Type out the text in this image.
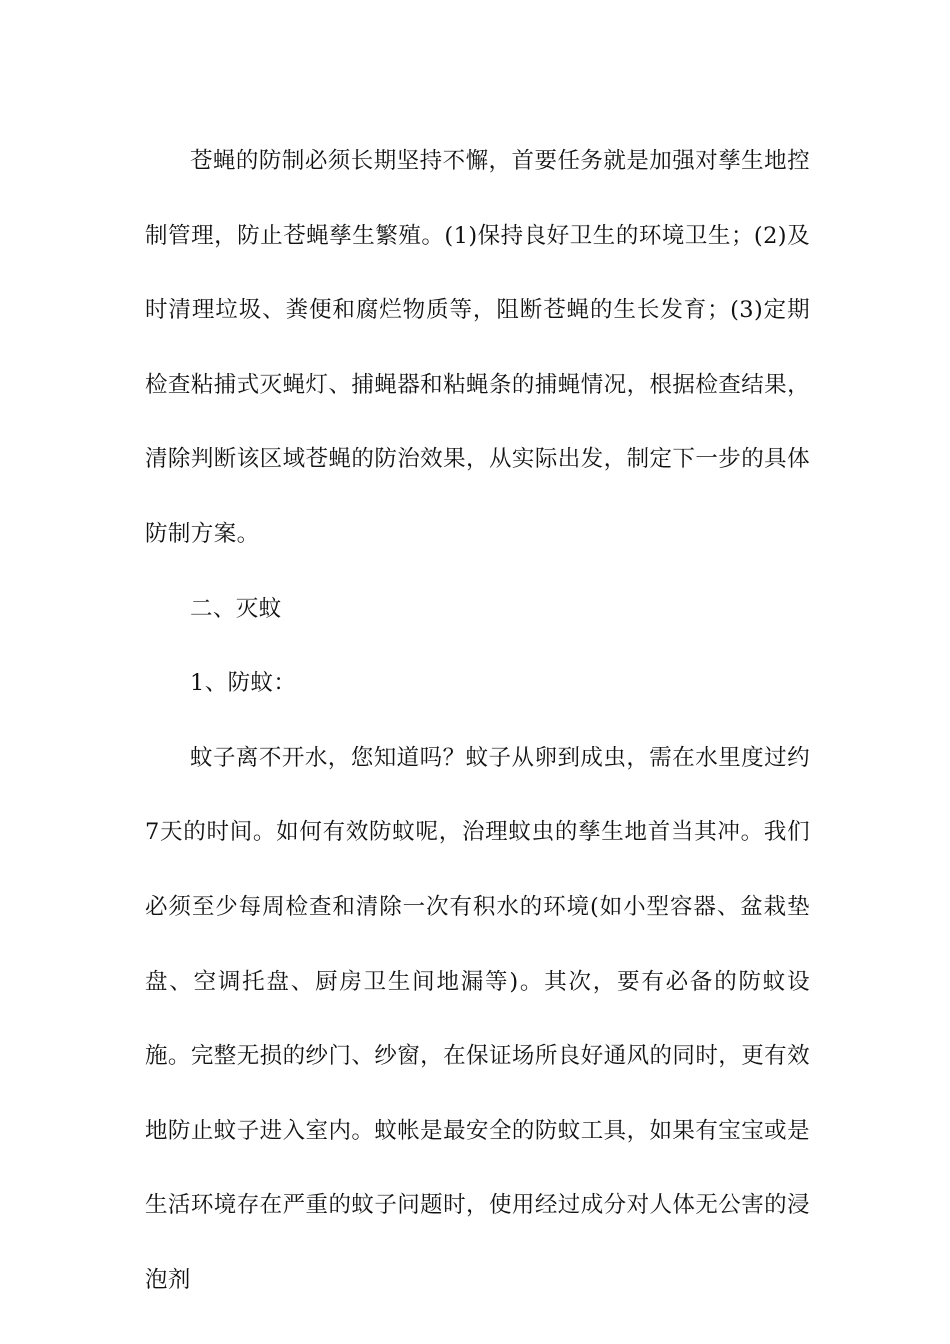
苍蝇的防制必须长期坚持不懈，首要任务就是加强对孳生地控制管理，防止苍蝇孳生繁殖。(1)保持良好卫生的环境卫生；(2)及时清理垃圾、粪便和腐烂物质等，阻断苍蝇的生长发育；(3)定期检查粘捕式灭蝇灯、捕蝇器和粘蝇条的捕蝇情况，根据检查结果，清除判断该区域苍蝇的防治效果，从实际出发，制定下一步的具体防制方案。

二、灭蚊

1、防蚊：

蚊子离不开水，您知道吗？蚊子从卵到成虫，需在水里度过约7天的时间。如何有效防蚊呢，治理蚊虫的孳生地首当其冲。我们必须至少每周检查和清除一次有积水的环境(如小型容器、盆栽垫盘、空调托盘、厨房卫生间地漏等)。其次，要有必备的防蚊设施。完整无损的纱门、纱窗，在保证场所良好通风的同时，更有效地防止蚊子进入室内。蚊帐是最安全的防蚊工具，如果有宝宝或是生活环境存在严重的蚊子问题时，使用经过成分对人体无公害的浸泡剂
